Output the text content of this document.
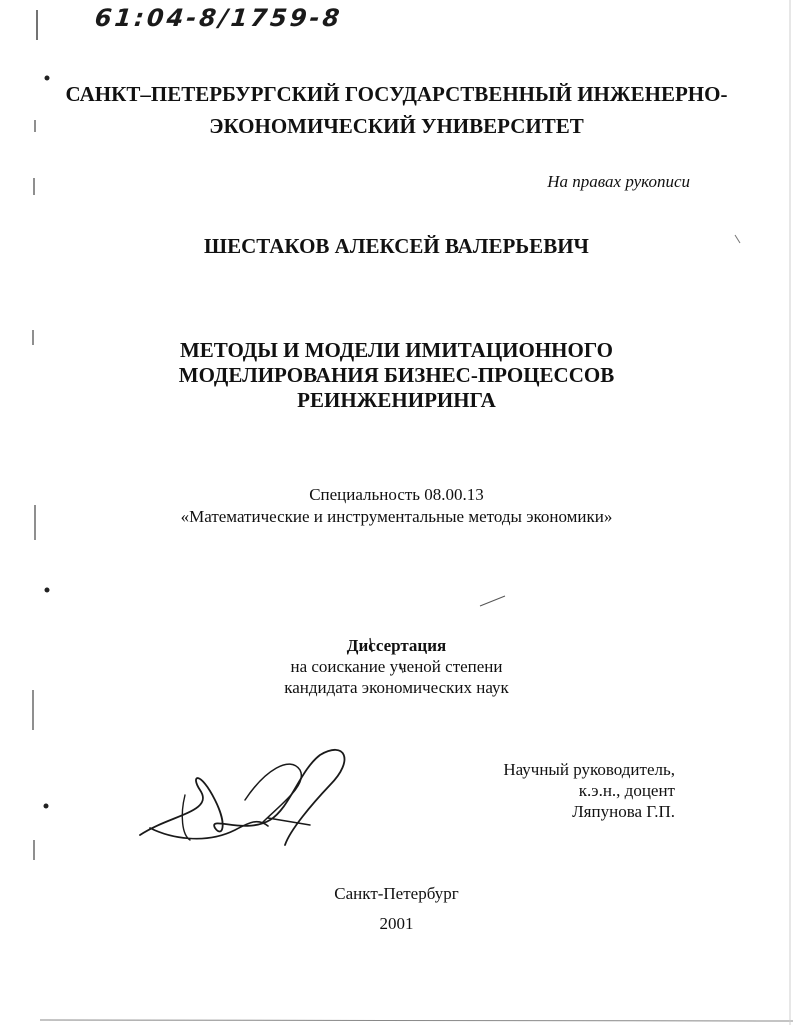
61:04-8/1759-8
САНКТ–ПЕТЕРБУРГСКИЙ ГОСУДАРСТВЕННЫЙ ИНЖЕНЕРНО-
ЭКОНОМИЧЕСКИЙ УНИВЕРСИТЕТ
На правах рукописи
ШЕСТАКОВ АЛЕКСЕЙ ВАЛЕРЬЕВИЧ
МЕТОДЫ И МОДЕЛИ ИМИТАЦИОННОГО
МОДЕЛИРОВАНИЯ БИЗНЕС-ПРОЦЕССОВ
РЕИНЖЕНИРИНГА
Специальность 08.00.13
«Математические и инструментальные методы экономики»
Диссертация
на соискание ученой степени
кандидата экономических наук
Научный руководитель,
к.э.н., доцент
Ляпунова Г.П.
Санкт-Петербург
2001
